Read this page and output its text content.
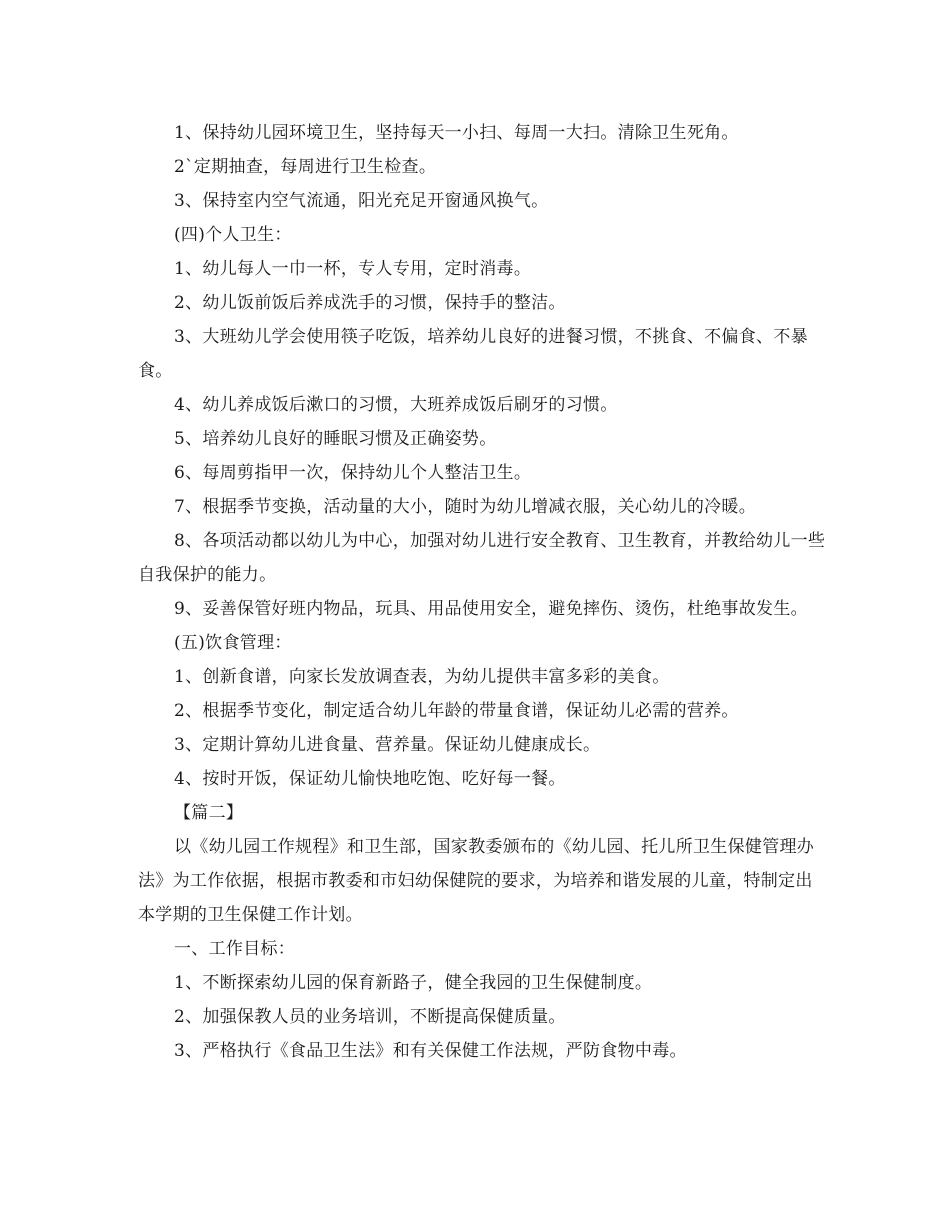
1、保持幼儿园环境卫生，坚持每天一小扫、每周一大扫。清除卫生死角。

2`定期抽查，每周进行卫生检查。

3、保持室内空气流通，阳光充足开窗通风换气。

(四)个人卫生：

1、幼儿每人一巾一杯，专人专用，定时消毒。

2、幼儿饭前饭后养成洗手的习惯，保持手的整洁。

3、大班幼儿学会使用筷子吃饭，培养幼儿良好的进餐习惯，不挑食、不偏食、不暴食。

4、幼儿养成饭后漱口的习惯，大班养成饭后刷牙的习惯。

5、培养幼儿良好的睡眠习惯及正确姿势。

6、每周剪指甲一次，保持幼儿个人整洁卫生。

7、根据季节变换，活动量的大小，随时为幼儿增减衣服，关心幼儿的冷暖。

8、各项活动都以幼儿为中心，加强对幼儿进行安全教育、卫生教育，并教给幼儿一些自我保护的能力。

9、妥善保管好班内物品，玩具、用品使用安全，避免摔伤、烫伤，杜绝事故发生。

(五)饮食管理：

1、创新食谱，向家长发放调查表，为幼儿提供丰富多彩的美食。

2、根据季节变化，制定适合幼儿年龄的带量食谱，保证幼儿必需的营养。

3、定期计算幼儿进食量、营养量。保证幼儿健康成长。

4、按时开饭，保证幼儿愉快地吃饱、吃好每一餐。

【篇二】

以《幼儿园工作规程》和卫生部，国家教委颁布的《幼儿园、托儿所卫生保健管理办法》为工作依据，根据市教委和市妇幼保健院的要求，为培养和谐发展的儿童，特制定出本学期的卫生保健工作计划。

一、工作目标：

1、不断探索幼儿园的保育新路子，健全我园的卫生保健制度。

2、加强保教人员的业务培训，不断提高保健质量。

3、严格执行《食品卫生法》和有关保健工作法规，严防食物中毒。
